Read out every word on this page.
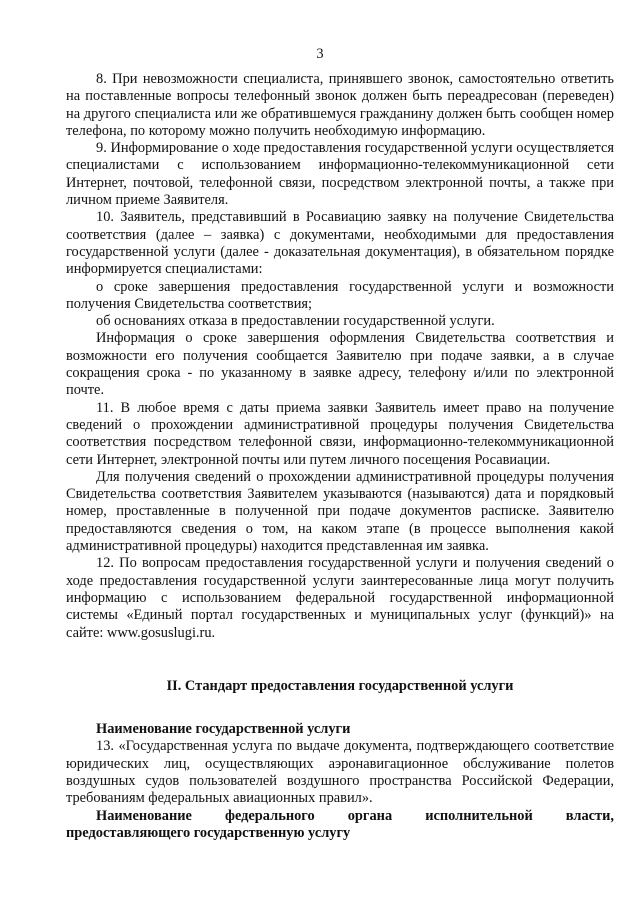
3

8. При невозможности специалиста, принявшего звонок, самостоятельно ответить на поставленные вопросы телефонный звонок должен быть переадресован (переведен) на другого специалиста или же обратившемуся гражданину должен быть сообщен номер телефона, по которому можно получить необходимую информацию.

9. Информирование о ходе предоставления государственной услуги осуществляется специалистами с использованием информационно-телекоммуникационной сети Интернет, почтовой, телефонной связи, посредством электронной почты, а также при личном приеме Заявителя.

10. Заявитель, представивший в Росавиацию заявку на получение Свидетельства соответствия (далее – заявка) с документами, необходимыми для предоставления государственной услуги (далее - доказательная документация), в обязательном порядке информируется специалистами:

о сроке завершения предоставления государственной услуги и возможности получения Свидетельства соответствия;

об основаниях отказа в предоставлении государственной услуги.

Информация о сроке завершения оформления Свидетельства соответствия и возможности его получения сообщается Заявителю при подаче заявки, а в случае сокращения срока - по указанному в заявке адресу, телефону и/или по электронной почте.

11. В любое время с даты приема заявки Заявитель имеет право на получение сведений о прохождении административной процедуры получения Свидетельства соответствия посредством телефонной связи, информационно-телекоммуникационной сети Интернет, электронной почты или путем личного посещения Росавиации.

Для получения сведений о прохождении административной процедуры получения Свидетельства соответствия Заявителем указываются (называются) дата и порядковый номер, проставленные в полученной при подаче документов расписке. Заявителю предоставляются сведения о том, на каком этапе (в процессе выполнения какой административной процедуры) находится представленная им заявка.

12. По вопросам предоставления государственной услуги и получения сведений о ходе предоставления государственной услуги заинтересованные лица могут получить информацию с использованием федеральной государственной информационной системы «Единый портал государственных и муниципальных услуг (функций)» на сайте: www.gosuslugi.ru.

II. Стандарт предоставления государственной услуги
Наименование государственной услуги

13. «Государственная услуга по выдаче документа, подтверждающего соответствие юридических лиц, осуществляющих аэронавигационное обслуживание полетов воздушных судов пользователей воздушного пространства Российской Федерации, требованиям федеральных авиационных правил».

Наименование федерального органа исполнительной власти, предоставляющего государственную услугу
